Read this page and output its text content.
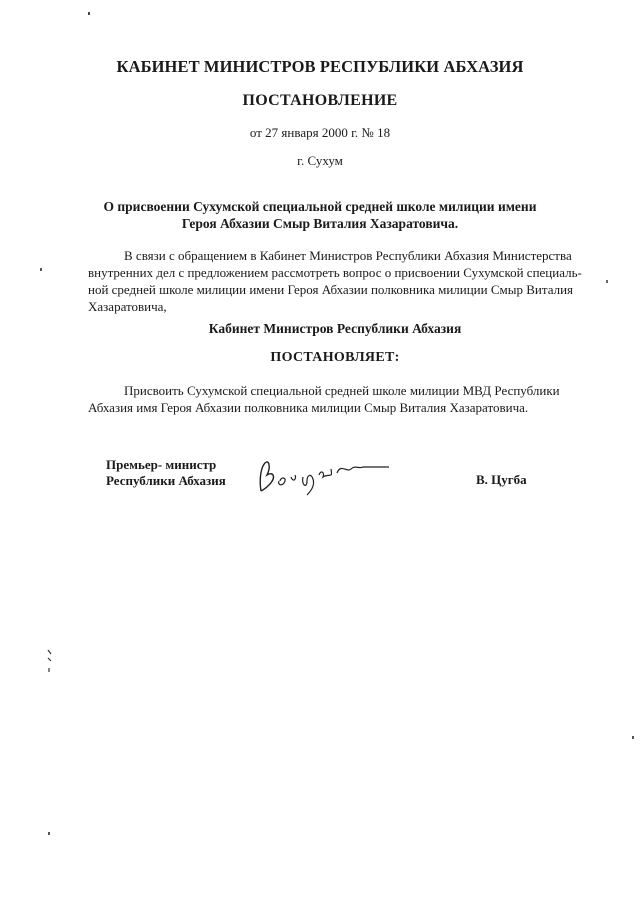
КАБИНЕТ МИНИСТРОВ РЕСПУБЛИКИ АБХАЗИЯ
ПОСТАНОВЛЕНИЕ
от 27 января 2000 г. № 18
г. Сухум
О присвоении Сухумской специальной средней школе милиции имени
Героя Абхазии Смыр Виталия Хазаратовича.
В связи с обращением в Кабинет Министров Республики Абхазия Министерства
внутренних дел с предложением рассмотреть вопрос о присвоении Сухумской специаль-
ной средней школе милиции имени Героя Абхазии полковника милиции Смыр Виталия
Хазаратовича,
Кабинет Министров Республики Абхазия
ПОСТАНОВЛЯЕТ:
Присвоить Сухумской специальной средней школе милиции МВД Республики
Абхазия имя Героя Абхазии полковника милиции Смыр Виталия Хазаратовича.
Премьер- министр
Республики Абхазия	В. Цугба
